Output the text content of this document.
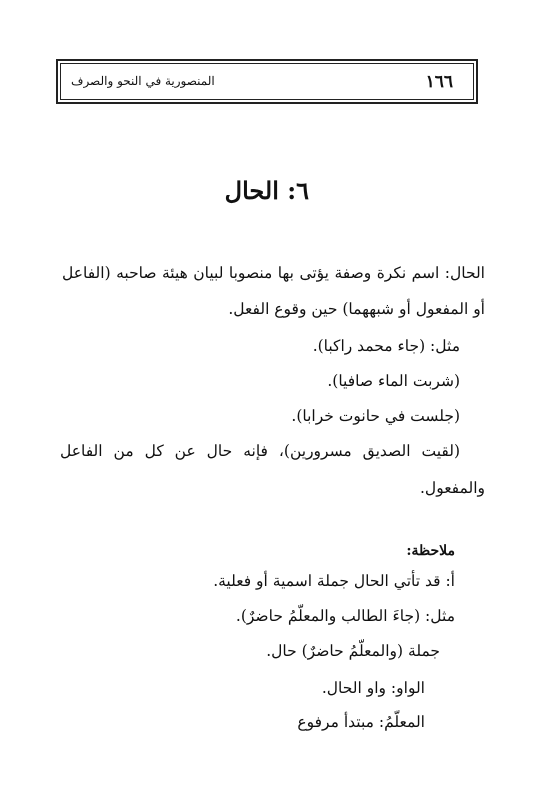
١٦٦
المنصورية في النحو والصرف
٦: الحال
الحال: اسم نكرة وصفة يؤتى بها منصوبا لبيان هيئة صاحبه (الفاعل
أو المفعول أو شبههما) حين وقوع الفعل.
مثل: (جاء محمد راكبا).
(شربت الماء صافيا).
(جلست في حانوت خرابا).
(لقيت الصديق مسرورين)، فإنه حال عن كل من الفاعل
والمفعول.
ملاحظة:
أ: قد تأتي الحال جملة اسمية أو فعلية.
مثل: (جاءَ الطالب والمعلّمُ حاضرٌ).
جملة (والمعلّمُ حاضرٌ) حال.
الواو: واو الحال.
المعلّمُ: مبتدأ مرفوع
